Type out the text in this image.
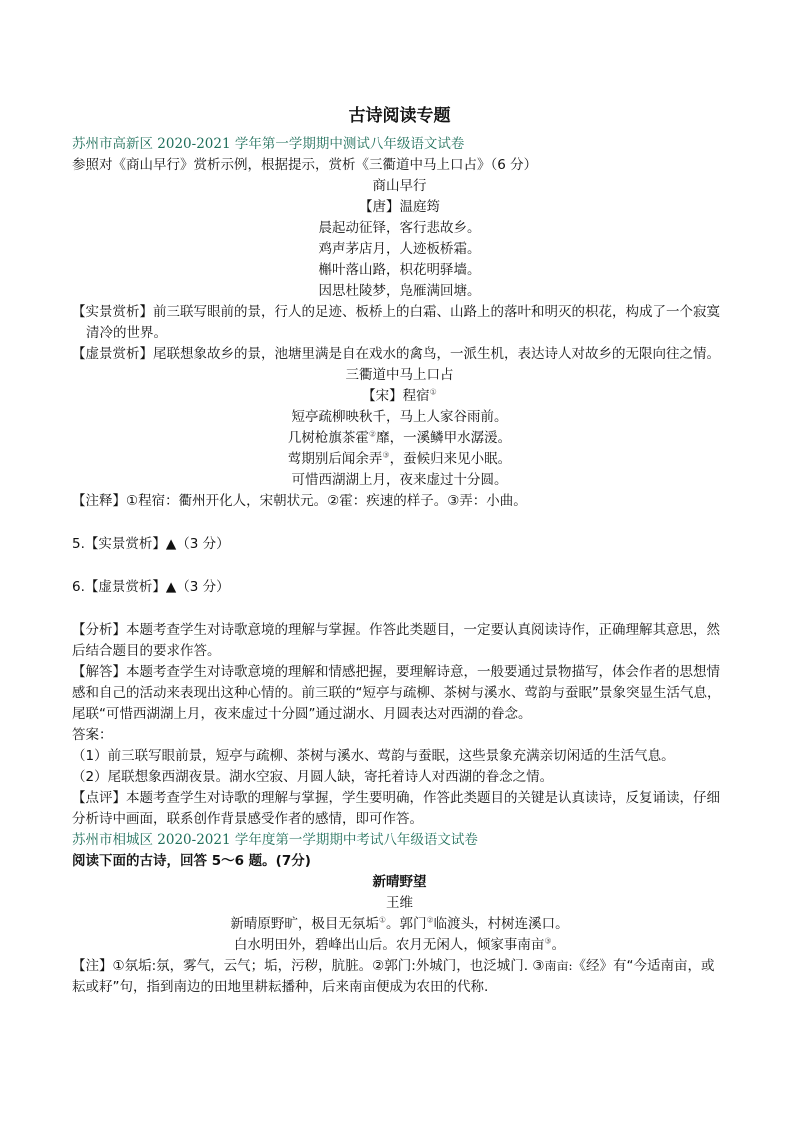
古诗阅读专题

苏州市高新区 2020-2021 学年第一学期期中测试八年级语文试卷

参照对《商山早行》赏析示例，根据提示，赏析《三衢道中马上口占》（6 分）

商山早行

【唐】温庭筠

晨起动征铎，客行悲故乡。

鸡声茅店月，人迹板桥霜。

槲叶落山路，枳花明驿墙。

因思杜陵梦，凫雁满回塘。

【实景赏析】前三联写眼前的景，行人的足迹、板桥上的白霜、山路上的落叶和明灭的枳花，构成了一个寂寞清冷的世界。

【虚景赏析】尾联想象故乡的景，池塘里满是自在戏水的禽鸟，一派生机，表达诗人对故乡的无限向往之情。

三衢道中马上口占

【宋】程宿①

短亭疏柳映秋千，马上人家谷雨前。

几树枪旗茶霍②靡，一溪鳞甲水潺湲。

莺期别后闻余弄③，蚕候归来见小眠。

可惜西湖湖上月，夜来虚过十分圆。

【注释】①程宿：衢州开化人，宋朝状元。②霍：疾速的样子。③弄：小曲。

5.【实景赏析】▲（3 分）

6.【虚景赏析】▲（3 分）

【分析】本题考查学生对诗歌意境的理解与掌握。作答此类题目，一定要认真阅读诗作，正确理解其意思，然后结合题目的要求作答。

【解答】本题考查学生对诗歌意境的理解和情感把握，要理解诗意，一般要通过景物描写，体会作者的思想情感和自己的活动来表现出这种心情的。前三联的“短亭与疏柳、茶树与溪水、莺韵与蚕眠”景象突显生活气息，尾联“可惜西湖湖上月，夜来虚过十分圆”通过湖水、月圆表达对西湖的眷念。

答案：

（1）前三联写眼前景，短亭与疏柳、茶树与溪水、莺韵与蚕眠，这些景象充满亲切闲适的生活气息。

（2）尾联想象西湖夜景。湖水空寂、月圆人缺，寄托着诗人对西湖的眷念之情。

【点评】本题考查学生对诗歌的理解与掌握，学生要明确，作答此类题目的关键是认真读诗，反复诵读，仔细分析诗中画面，联系创作背景感受作者的感情，即可作答。

苏州市相城区 2020-2021 学年度第一学期期中考试八年级语文试卷

阅读下面的古诗，回答 5～6 题。(7分)

新晴野望

王维

新晴原野旷，极目无氛垢①。郭门②临渡头，村树连溪口。

白水明田外，碧峰出山后。农月无闲人，倾家事南亩③。

【注】①氛垢:氛，雾气，云气；垢，污秽，肮脏。②郭门:外城门，也泛城门. ③南亩:《经》有“今适南亩，或耘或耔”句，指到南边的田地里耕耘播种，后来南亩便成为农田的代称.
